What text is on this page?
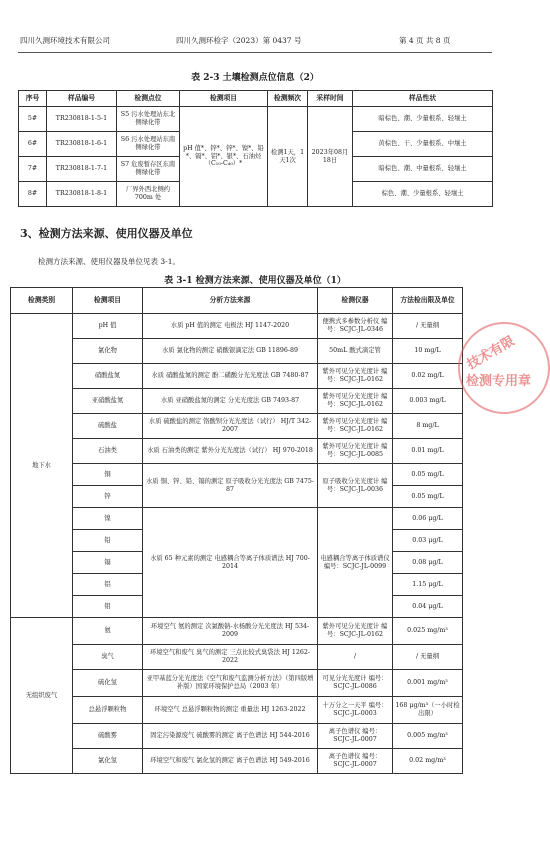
四川久测环境技术有限公司	四川久测环检字（2023）第 0437 号	第 4 页 共 8 页
表 2-3 土壤检测点位信息（2）
序号	样品编号	检测点位	检测项目	检测频次	采样时间	样品性状
5#	TR230818-1-5-1	S5 污水处理站东北侧绿化带	pH 值*、锌*、锌*、镍*、铅*、镉*、铝*、银*、石油烃（C₁₀-C₄₀）*	检测1天，1天1次	2023年08月18日	暗棕色、潮、少量根系、轻壤土
6#	TR230818-1-6-1	S6 污水处理站东南侧绿化带				黄棕色、干、少量根系、中壤土
7#	TR230818-1-7-1	S7 危废暂存区东南侧绿化带				暗棕色、潮、中量根系、轻壤土
8#	TR230818-1-8-1	厂界外西北侧约 700m 处				棕色、潮、少量根系、轻壤土
3、检测方法来源、使用仪器及单位
检测方法来源、使用仪器及单位见表 3-1。
表 3-1 检测方法来源、使用仪器及单位（1）
检测类别	检测项目	分析方法来源	检测仪器	方法检出限及单位
地下水	pH 值	水质 pH 值的测定 电极法 HJ 1147-2020	便携式多参数分析仪 编号：SCJC-JL-0346	/ 无量纲
	氯化物	水质 氯化物的测定 硝酸银滴定法 GB 11896-89	50mL 酸式滴定管	10 mg/L
	硝酸盐氮	水质 硝酸盐氮的测定 酚二磺酸分光光度法 GB 7480-87	紫外可见分光光度计 编号：SCJC-JL-0162	0.02 mg/L
	亚硝酸盐氮	水质 亚硝酸盐氮的测定 分光光度法 GB 7493-87	紫外可见分光光度计 编号：SCJC-JL-0162	0.003 mg/L
	硫酸盐	水质 硫酸盐的测定 铬酸钡分光光度法（试行） HJ/T 342-2007	紫外可见分光光度计 编号：SCJC-JL-0162	8 mg/L
	石油类	水质 石油类的测定 紫外分光光度法（试行） HJ 970-2018	紫外可见分光光度计 编号：SCJC-JL-0085	0.01 mg/L
	铜	水质 铜、锌、铅、镉的测定 原子吸收分光光度法 GB 7475-87	原子吸收分光光度计 编号：SCJC-JL-0036	0.05 mg/L
	锌			0.05 mg/L
	镍	水质 65 种元素的测定 电感耦合等离子体质谱法 HJ 700-2014	电感耦合等离子体质谱仪 编号：SCJC-JL-0099	0.06 μg/L
	铅			0.03 μg/L
	镉			0.08 μg/L
	铝			1.15 μg/L
	钼			0.04 μg/L
无组织废气	氨	环境空气 氨的测定 次氯酸钠-水杨酸分光光度法 HJ 534-2009	紫外可见分光光度计 编号：SCJC-JL-0162	0.025 mg/m³
	臭气	环境空气和废气 臭气的测定 三点比较式臭袋法 HJ 1262-2022	/	/ 无量纲
	硫化氢	亚甲基蓝分光光度法《空气和废气监测分析方法》（第四版增补版）国家环境保护总局（2003 年）	可见分光光度计 编号：SCJC-JL-0086	0.001 mg/m³
	总悬浮颗粒物	环境空气 总悬浮颗粒物的测定 重量法 HJ 1263-2022	十万分之一天平 编号：SCJC-JL-0003	168 μg/m³（一小时检出限）
	硫酸雾	固定污染源废气 硫酸雾的测定 离子色谱法 HJ 544-2016	离子色谱仪 编号：SCJC-JL-0007	0.005 mg/m³
	氯化氢	环境空气和废气 氯化氢的测定 离子色谱法 HJ 549-2016	离子色谱仪 编号：SCJC-JL-0007	0.02 mg/m³
技术有限
检测专用章
